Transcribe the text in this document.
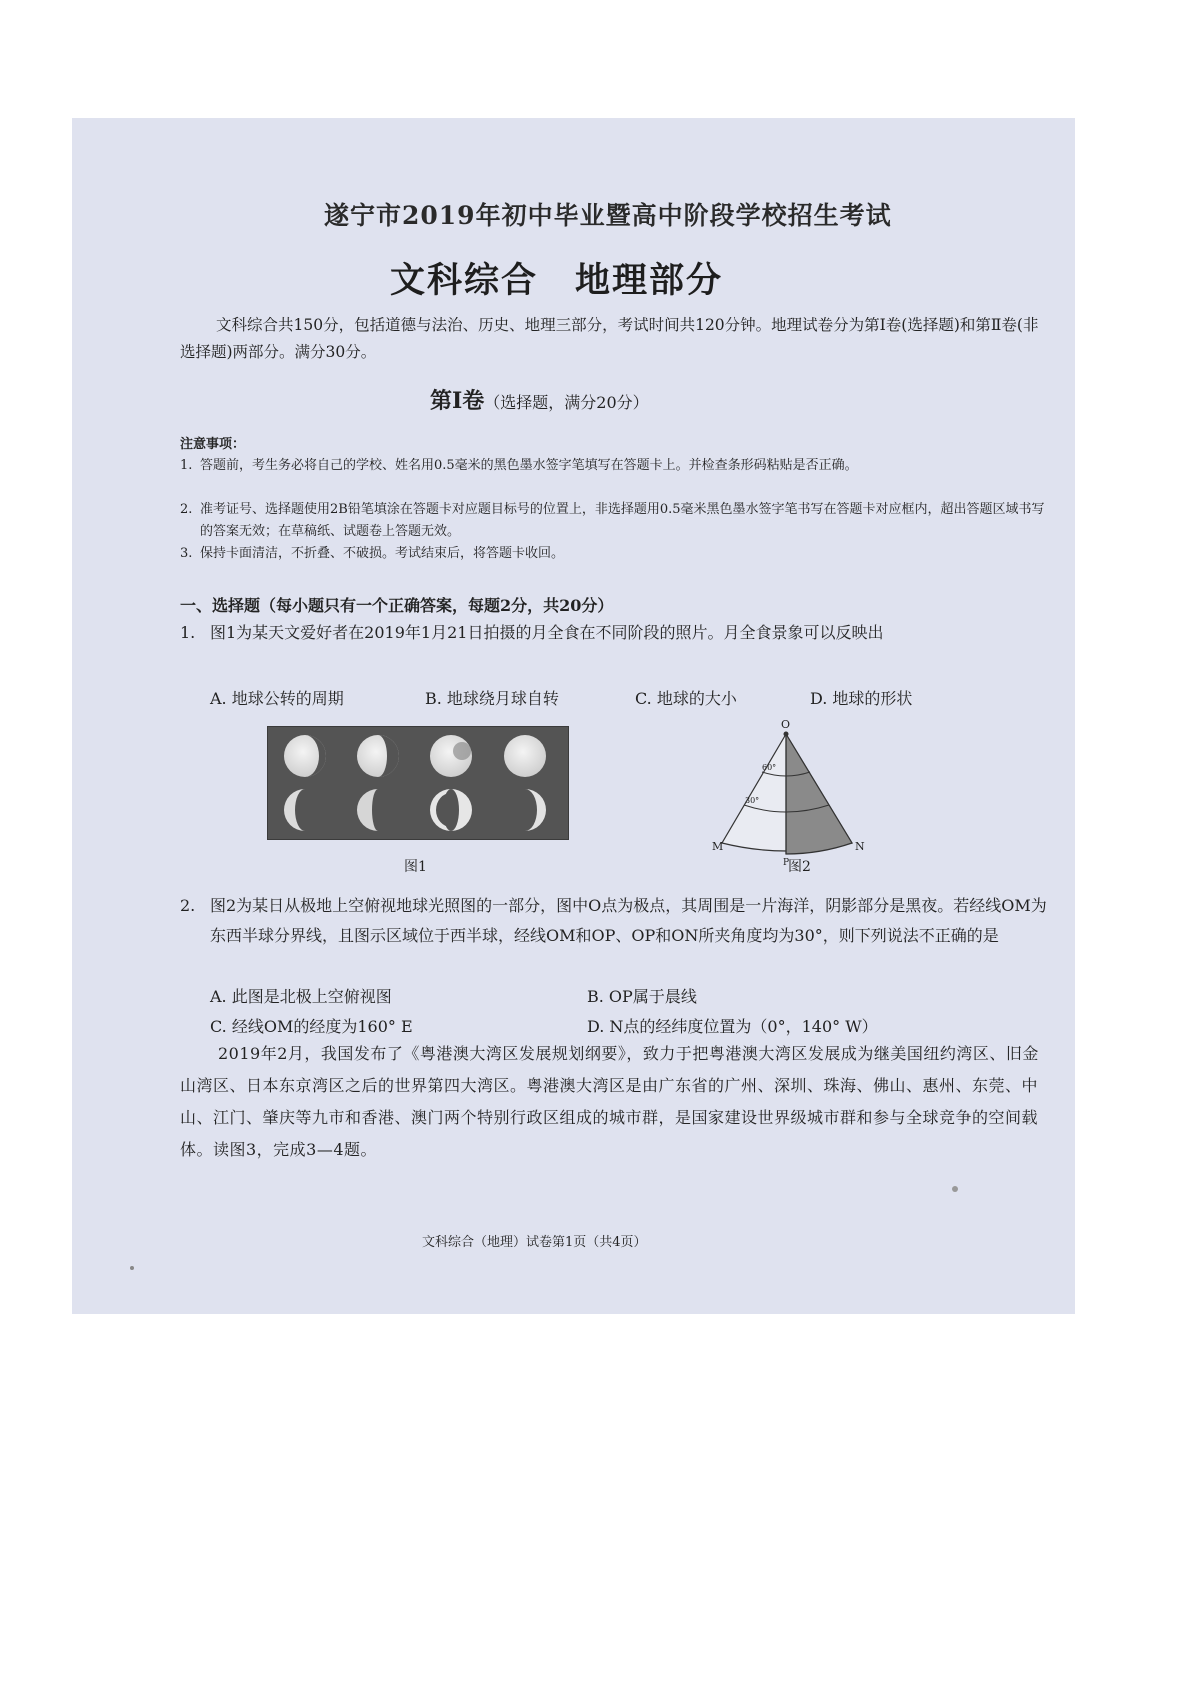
遂宁市2019年初中毕业暨高中阶段学校招生考试
文科综合　地理部分
文科综合共150分，包括道德与法治、历史、地理三部分，考试时间共120分钟。地理试卷分为第Ⅰ卷(选择题)和第Ⅱ卷(非选择题)两部分。满分30分。
第Ⅰ卷（选择题，满分20分）
注意事项：
1. 答题前，考生务必将自己的学校、姓名用0.5毫米的黑色墨水签字笔填写在答题卡上。并检查条形码粘贴是否正确。
2. 准考证号、选择题使用2B铅笔填涂在答题卡对应题目标号的位置上，非选择题用0.5毫米黑色墨水签字笔书写在答题卡对应框内，超出答题区域书写的答案无效；在草稿纸、试题卷上答题无效。
3. 保持卡面清洁，不折叠、不破损。考试结束后，将答题卡收回。
一、选择题（每小题只有一个正确答案，每题2分，共20分）
1. 图1为某天文爱好者在2019年1月21日拍摄的月全食在不同阶段的照片。月全食景象可以反映出
A. 地球公转的周期	B. 地球绕月球自转	C. 地球的大小	D. 地球的形状
图1
O
M	N
P
60°
30°
图2
2. 图2为某日从极地上空俯视地球光照图的一部分，图中O点为极点，其周围是一片海洋，阴影部分是黑夜。若经线OM为东西半球分界线，且图示区域位于西半球，经线OM和OP、OP和ON所夹角度均为30°，则下列说法不正确的是
A. 此图是北极上空俯视图	B. OP属于晨线
C. 经线OM的经度为160° E	D. N点的经纬度位置为（0°，140° W）
2019年2月，我国发布了《粤港澳大湾区发展规划纲要》，致力于把粤港澳大湾区发展成为继美国纽约湾区、旧金山湾区、日本东京湾区之后的世界第四大湾区。粤港澳大湾区是由广东省的广州、深圳、珠海、佛山、惠州、东莞、中山、江门、肇庆等九市和香港、澳门两个特别行政区组成的城市群，是国家建设世界级城市群和参与全球竞争的空间载体。读图3，完成3—4题。
文科综合（地理）试卷第1页（共4页）
